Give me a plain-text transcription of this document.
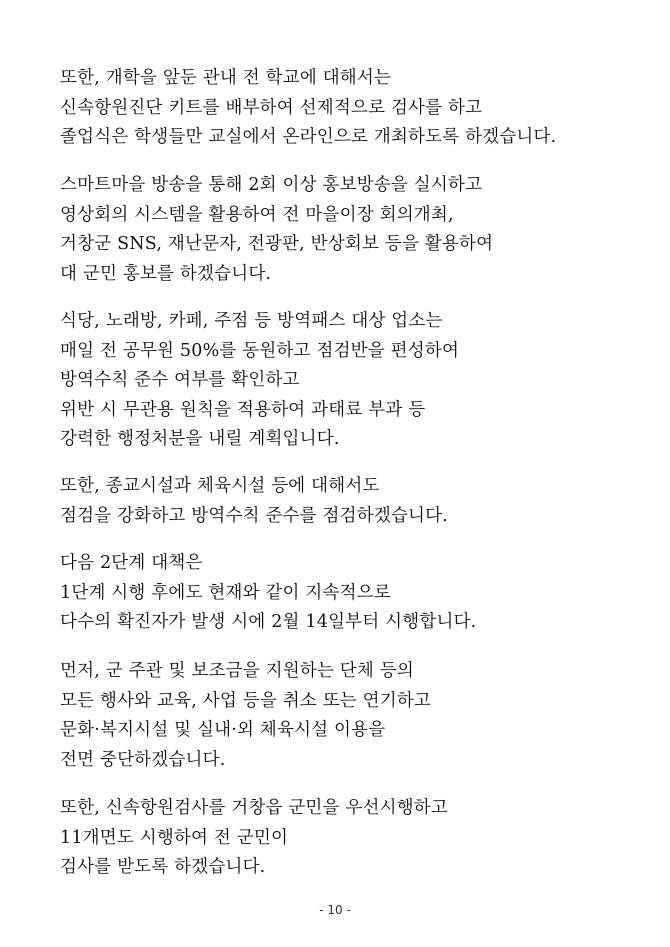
또한, 개학을 앞둔 관내 전 학교에 대해서는
신속항원진단 키트를 배부하여 선제적으로 검사를 하고
졸업식은 학생들만 교실에서 온라인으로 개최하도록 하겠습니다.
스마트마을 방송을 통해 2회 이상 홍보방송을 실시하고
영상회의 시스템을 활용하여 전 마을이장 회의개최,
거창군 SNS, 재난문자, 전광판, 반상회보 등을 활용하여
대 군민 홍보를 하겠습니다.
식당, 노래방, 카페, 주점 등 방역패스 대상 업소는
매일 전 공무원 50%를 동원하고 점검반을 편성하여
방역수칙 준수 여부를 확인하고
위반 시 무관용 원칙을 적용하여 과태료 부과 등
강력한 행정처분을 내릴 계획입니다.
또한, 종교시설과 체육시설 등에 대해서도
점검을 강화하고 방역수칙 준수를 점검하겠습니다.
다음 2단계 대책은
1단계 시행 후에도 현재와 같이 지속적으로
다수의 확진자가 발생 시에 2월 14일부터 시행합니다.
먼저, 군 주관 및 보조금을 지원하는 단체 등의
모든 행사와 교육, 사업 등을 취소 또는 연기하고
문화·복지시설 및 실내·외 체육시설 이용을
전면 중단하겠습니다.
또한, 신속항원검사를 거창읍 군민을 우선시행하고
11개면도 시행하여 전 군민이
검사를 받도록 하겠습니다.
- 10 -
